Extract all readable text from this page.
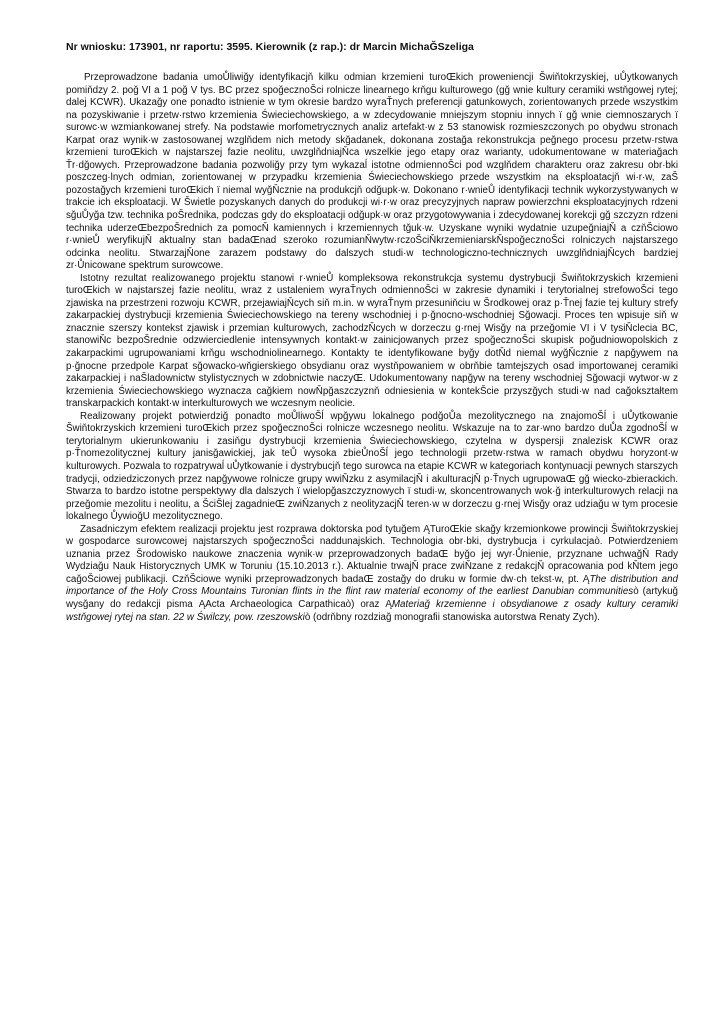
Nr wniosku: 173901, nr raportu: 3595. Kierownik (z rap.): dr Marcin MichaĞSzeliga

Przeprowadzone badania umoŮliwiğy identyfikacjň kilku odmian krzemieni turoŒkich proweniencji Šwiňtokrzyskiej, uŮytkowanych pomiňdzy 2. poğ VI a 1 poğ V tys. BC przez spoğecznoŠci rolnicze linearnego krňgu kulturowego (gğ wnie kultury ceramiki wstňgowej rytej; dalej KCWR). Ukazağy one ponadto istnienie w tym okresie bardzo wyraŤnych preferencji gatunkowych, zorientowanych przede wszystkim na pozyskiwanie i przetw·rstwo krzemienia Świeciechowskiego, a w zdecydowanie mniejszym stopniu innych ï gğ wnie ciemnoszarych ï surowc·w wzmiankowanej strefy. Na podstawie morfometrycznych analiz artefakt·w z 53 stanowisk rozmieszczonych po obydwu stronach Karpat oraz wynik·w zastosowanej wzglňdem nich metody skğadanek, dokonana zostağa rekonstrukcja peğnego procesu przetw·rstwa krzemieni turoŒkich w najstarszej fazie neolitu, uwzglňdniajŇca wszelkie jego etapy oraz warianty, udokumentowane w materiağach Ťr·dğowych. Przeprowadzone badania pozwoliğy przy tym wykazaĺ istotne odmiennoŠci pod wzglňdem charakteru oraz zakresu obr·bki poszczeg·lnych odmian, zorientowanej w przypadku krzemienia Świeciechowskiego przede wszystkim na eksploatacjň wi·r·w, zaŠ pozostağych krzemieni turoŒkich ï niemal wyğŇcznie na produkcjň odğupk·w. Dokonano r·wnieŮ identyfikacji technik wykorzystywanych w trakcie ich eksploatacji. W Šwietle pozyskanych danych do produkcji wi·r·w oraz precyzyjnych napraw powierzchni eksploatacyjnych rdzeni sğuŮyğa tzw. technika poŠrednika, podczas gdy do eksploatacji odğupk·w oraz przygotowywania i zdecydowanej korekcji gğ szczyzn rdzeni technika uderzeŒbezpoŠrednich za pomocŇ kamiennych i krzemiennych tğuk·w. Uzyskane wyniki wydatnie uzupeğniajŇ a czňŠciowo r·wnieŮ weryfikujŇ aktualny stan badaŒnad szeroko rozumianŇwytw·rczoŠciŇkrzemieniarskŇspoğecznoŠci rolniczych najstarszego odcinka neolitu. StwarzajŇone zarazem podstawy do dalszych studi·w technologiczno-technicznych uwzglňdniajŇcych bardziej zr·Ůnicowane spektrum surowcowe.

Istotny rezultat realizowanego projektu stanowi r·wnieŮ kompleksowa rekonstrukcja systemu dystrybucji Šwiňtokrzyskich krzemieni turoŒkich w najstarszej fazie neolitu, wraz z ustaleniem wyraŤnych odmiennoŠci w zakresie dynamiki i terytorialnej strefowoŠci tego zjawiska na przestrzeni rozwoju KCWR, przejawiajŇcych siň m.in. w wyraŤnym przesuniňciu w Šrodkowej oraz p·Ťnej fazie tej kultury strefy zakarpackiej dystrybucji krzemienia Świeciechowskiego na tereny wschodniej i p·ğnocno-wschodniej Sğowacji. Proces ten wpisuje siň w znacznie szerszy kontekst zjawisk i przemian kulturowych, zachodzŇcych w dorzeczu g·rnej Wisğy na przeğomie VI i V tysiŇclecia BC, stanowiŇc bezpoŠrednie odzwierciedlenie intensywnych kontakt·w zainicjowanych przez spoğecznoŠci skupisk poğudniowopolskich z zakarpackimi ugrupowaniami krňgu wschodniolinearnego. Kontakty te identyfikowane byğy dotŇd niemal wyğŇcznie z napğywem na p·ğnocne przedpole Karpat sğowacko-wňgierskiego obsydianu oraz wystňpowaniem w obrňbie tamtejszych osad importowanej ceramiki zakarpackiej i naŠladownictw stylistycznych w zdobnictwie naczyŒ. Udokumentowany napğyw na tereny wschodniej Sğowacji wytwor·w z krzemienia Świeciechowskiego wyznacza cağkiem nowŇpğaszczyznň odniesienia w kontekŠcie przyszğych studi·w nad cağokształtem transkarpackich kontakt·w interkulturowych we wczesnym neolicie.

Realizowany projekt potwierdziğ ponadto moŮliwoŠĺ wpğywu lokalnego podğoŮa mezolitycznego na znajomoŠĺ i uŮytkowanie Šwiňtokrzyskich krzemieni turoŒkich przez spoğecznoŠci rolnicze wczesnego neolitu. Wskazuje na to zar·wno bardzo duŮa zgodnoŠĺ w terytorialnym ukierunkowaniu i zasiňgu dystrybucji krzemienia Świeciechowskiego, czytelna w dyspersji znalezisk KCWR oraz p·Ťnomezolitycznej kultury janisğawickiej, jak teŮ wysoka zbieŮnoŠĺ jego technologii przetw·rstwa w ramach obydwu horyzont·w kulturowych. Pozwala to rozpatrywaĺ uŮytkowanie i dystrybucjň tego surowca na etapie KCWR w kategoriach kontynuacji pewnych starszych tradycji, odziedziczonych przez napğywowe rolnicze grupy wwiŇzku z asymilacjŇ i akulturacjŇ p·Ťnych ugrupowaŒ gğ wiecko-zbierackich. Stwarza to bardzo istotne perspektywy dla dalszych ï wielopğaszczyznowych ï studi·w, skoncentrowanych wok·ğ interkulturowych relacji na przeğomie mezolitu i neolitu, a ŠciŠlej zagadnieŒ zwiŇzanych z neolityzacjŇ teren·w w dorzeczu g·rnej Wisğy oraz udziağu w tym procesie lokalnego ŮywioğU mezolitycznego.

Zasadniczym efektem realizacji projektu jest rozprawa doktorska pod tytuğem ĄTuroŒkie skağy krzemionkowe prowincji Šwiňtokrzyskiej w gospodarce surowcowej najstarszych spoğecznoŠci naddunajskich. Technologia obr·bki, dystrybucja i cyrkulacjaò. Potwierdzeniem uznania przez Šrodowisko naukowe znaczenia wynik·w przeprowadzonych badaŒ byğo jej wyr·Ůnienie, przyznane uchwağŇ Rady Wydziağu Nauk Historycznych UMK w Toruniu (15.10.2013 r.). Aktualnie trwajŇ prace zwiŇzane z redakcjŇ opracowania pod kŇtem jego cağoŠciowej publikacji. CzňŠciowe wyniki przeprowadzonych badaŒ zostağy do druku w formie dw·ch tekst·w, pt. ĄThe distribution and importance of the Holy Cross Mountains Turonian flints in the flint raw material economy of the earliest Danubian communitiesò (artykuğ wysğany do redakcji pisma ĄActa Archaeologica Carpathicaò) oraz ĄMateriağ krzemienne i obsydianowe z osady kultury ceramiki wstňgowej rytej na stan. 22 w Świlczy, pow. rzeszowskiò (odrňbny rozdziağ monografii stanowiska autorstwa Renaty Zych).
